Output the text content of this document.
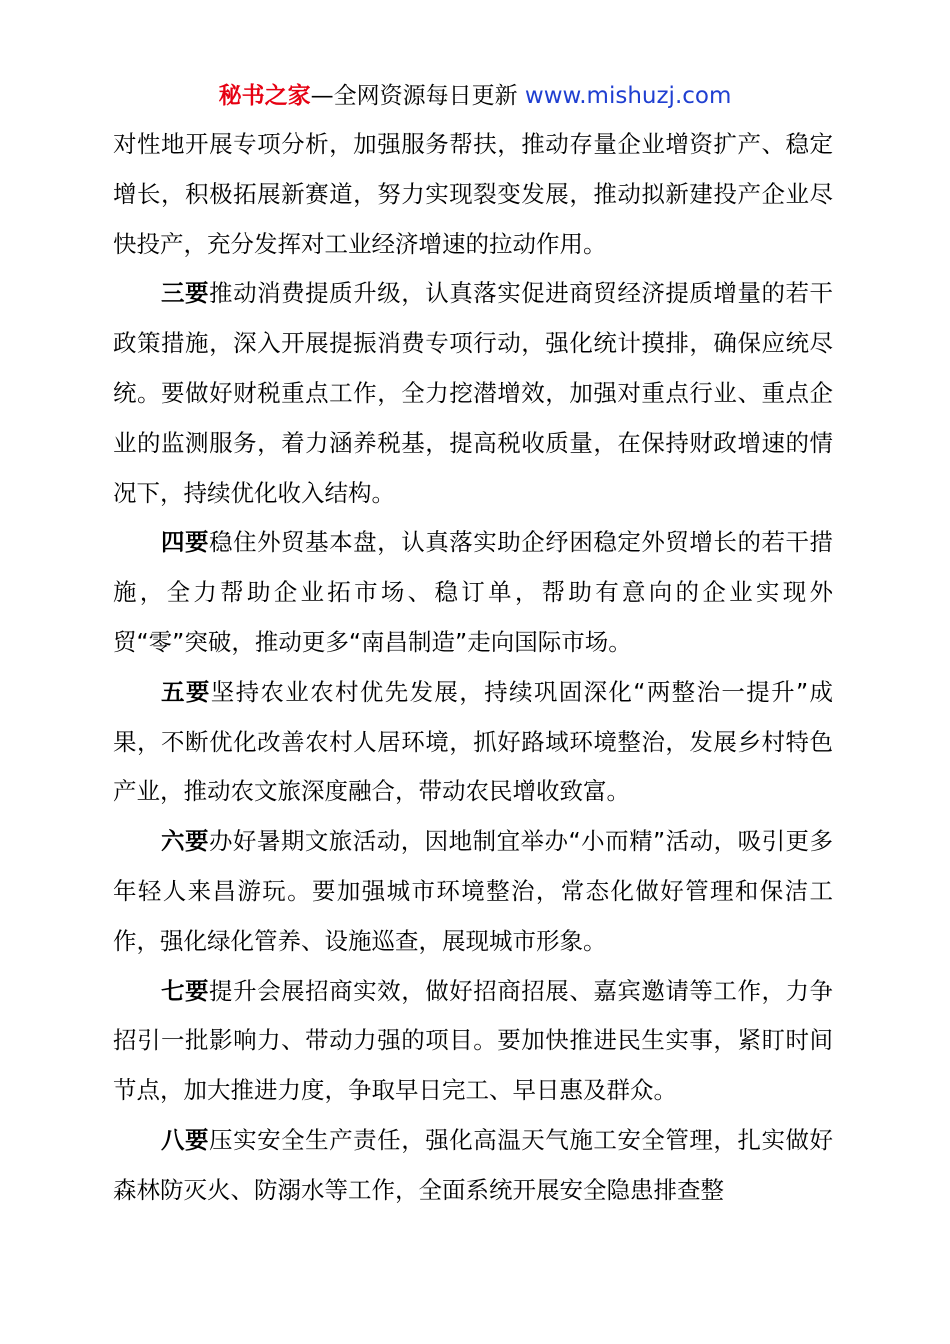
秘书之家—全网资源每日更新 www.mishuzj.com

对性地开展专项分析，加强服务帮扶，推动存量企业增资扩产、稳定增长，积极拓展新赛道，努力实现裂变发展，推动拟新建投产企业尽快投产，充分发挥对工业经济增速的拉动作用。

三要推动消费提质升级，认真落实促进商贸经济提质增量的若干政策措施，深入开展提振消费专项行动，强化统计摸排，确保应统尽统。要做好财税重点工作，全力挖潜增效，加强对重点行业、重点企业的监测服务，着力涵养税基，提高税收质量，在保持财政增速的情况下，持续优化收入结构。

四要稳住外贸基本盘，认真落实助企纾困稳定外贸增长的若干措施，全力帮助企业拓市场、稳订单，帮助有意向的企业实现外贸“零”突破，推动更多“南昌制造”走向国际市场。

五要坚持农业农村优先发展，持续巩固深化“两整治一提升”成果，不断优化改善农村人居环境，抓好路域环境整治，发展乡村特色产业，推动农文旅深度融合，带动农民增收致富。

六要办好暑期文旅活动，因地制宜举办“小而精”活动，吸引更多年轻人来昌游玩。要加强城市环境整治，常态化做好管理和保洁工作，强化绿化管养、设施巡查，展现城市形象。

七要提升会展招商实效，做好招商招展、嘉宾邀请等工作，力争招引一批影响力、带动力强的项目。要加快推进民生实事，紧盯时间节点，加大推进力度，争取早日完工、早日惠及群众。

八要压实安全生产责任，强化高温天气施工安全管理，扎实做好森林防灭火、防溺水等工作，全面系统开展安全隐患排查整
